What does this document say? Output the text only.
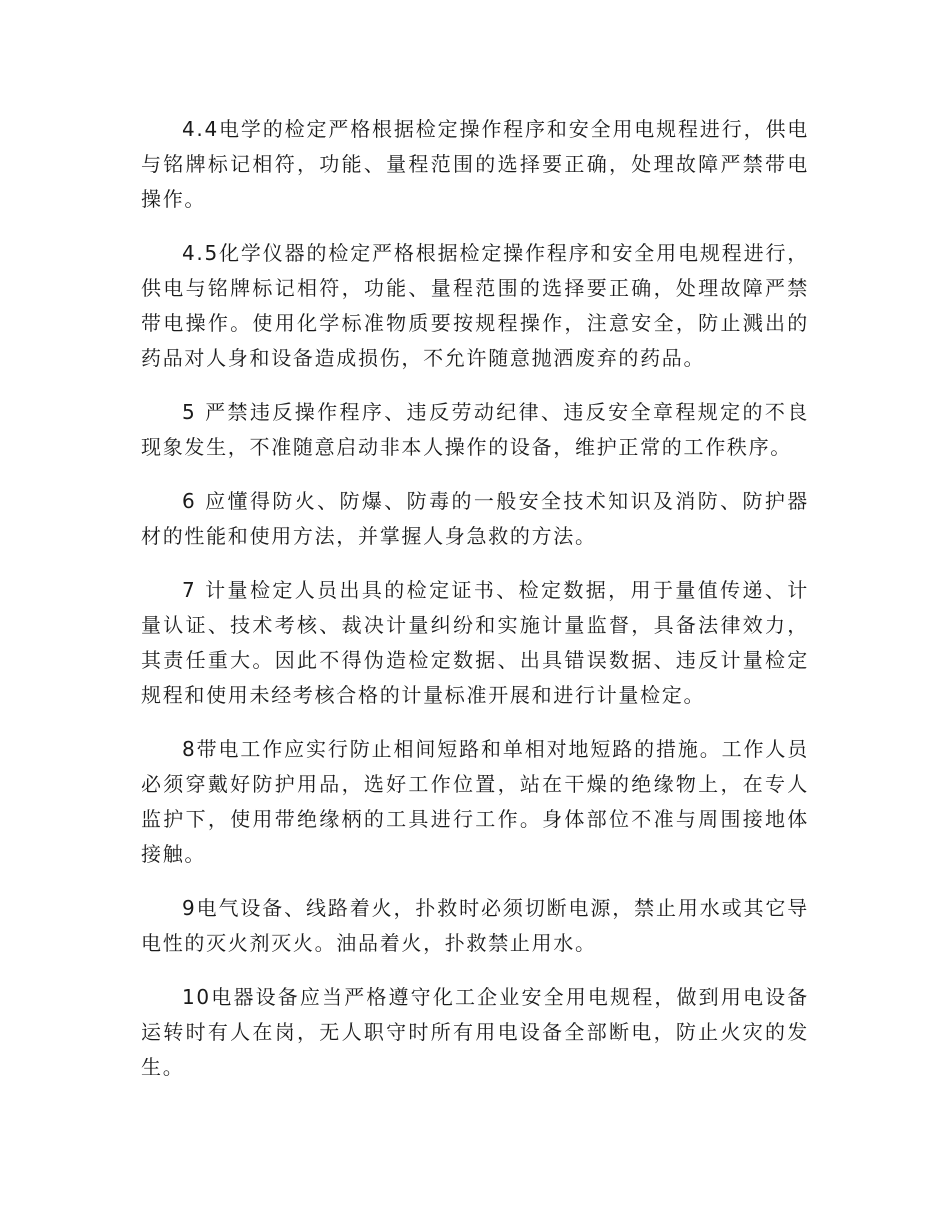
4.4电学的检定严格根据检定操作程序和安全用电规程进行，供电与铭牌标记相符，功能、量程范围的选择要正确，处理故障严禁带电操作。

4.5化学仪器的检定严格根据检定操作程序和安全用电规程进行，供电与铭牌标记相符，功能、量程范围的选择要正确，处理故障严禁带电操作。使用化学标准物质要按规程操作，注意安全，防止溅出的药品对人身和设备造成损伤，不允许随意抛洒废弃的药品。

5 严禁违反操作程序、违反劳动纪律、违反安全章程规定的不良现象发生，不准随意启动非本人操作的设备，维护正常的工作秩序。

6 应懂得防火、防爆、防毒的一般安全技术知识及消防、防护器材的性能和使用方法，并掌握人身急救的方法。

7 计量检定人员出具的检定证书、检定数据，用于量值传递、计量认证、技术考核、裁决计量纠纷和实施计量监督，具备法律效力，其责任重大。因此不得伪造检定数据、出具错误数据、违反计量检定规程和使用未经考核合格的计量标准开展和进行计量检定。

8带电工作应实行防止相间短路和单相对地短路的措施。工作人员必须穿戴好防护用品，选好工作位置，站在干燥的绝缘物上，在专人监护下，使用带绝缘柄的工具进行工作。身体部位不准与周围接地体接触。

9电气设备、线路着火，扑救时必须切断电源，禁止用水或其它导电性的灭火剂灭火。油品着火，扑救禁止用水。

10电器设备应当严格遵守化工企业安全用电规程，做到用电设备运转时有人在岗，无人职守时所有用电设备全部断电，防止火灾的发生。
